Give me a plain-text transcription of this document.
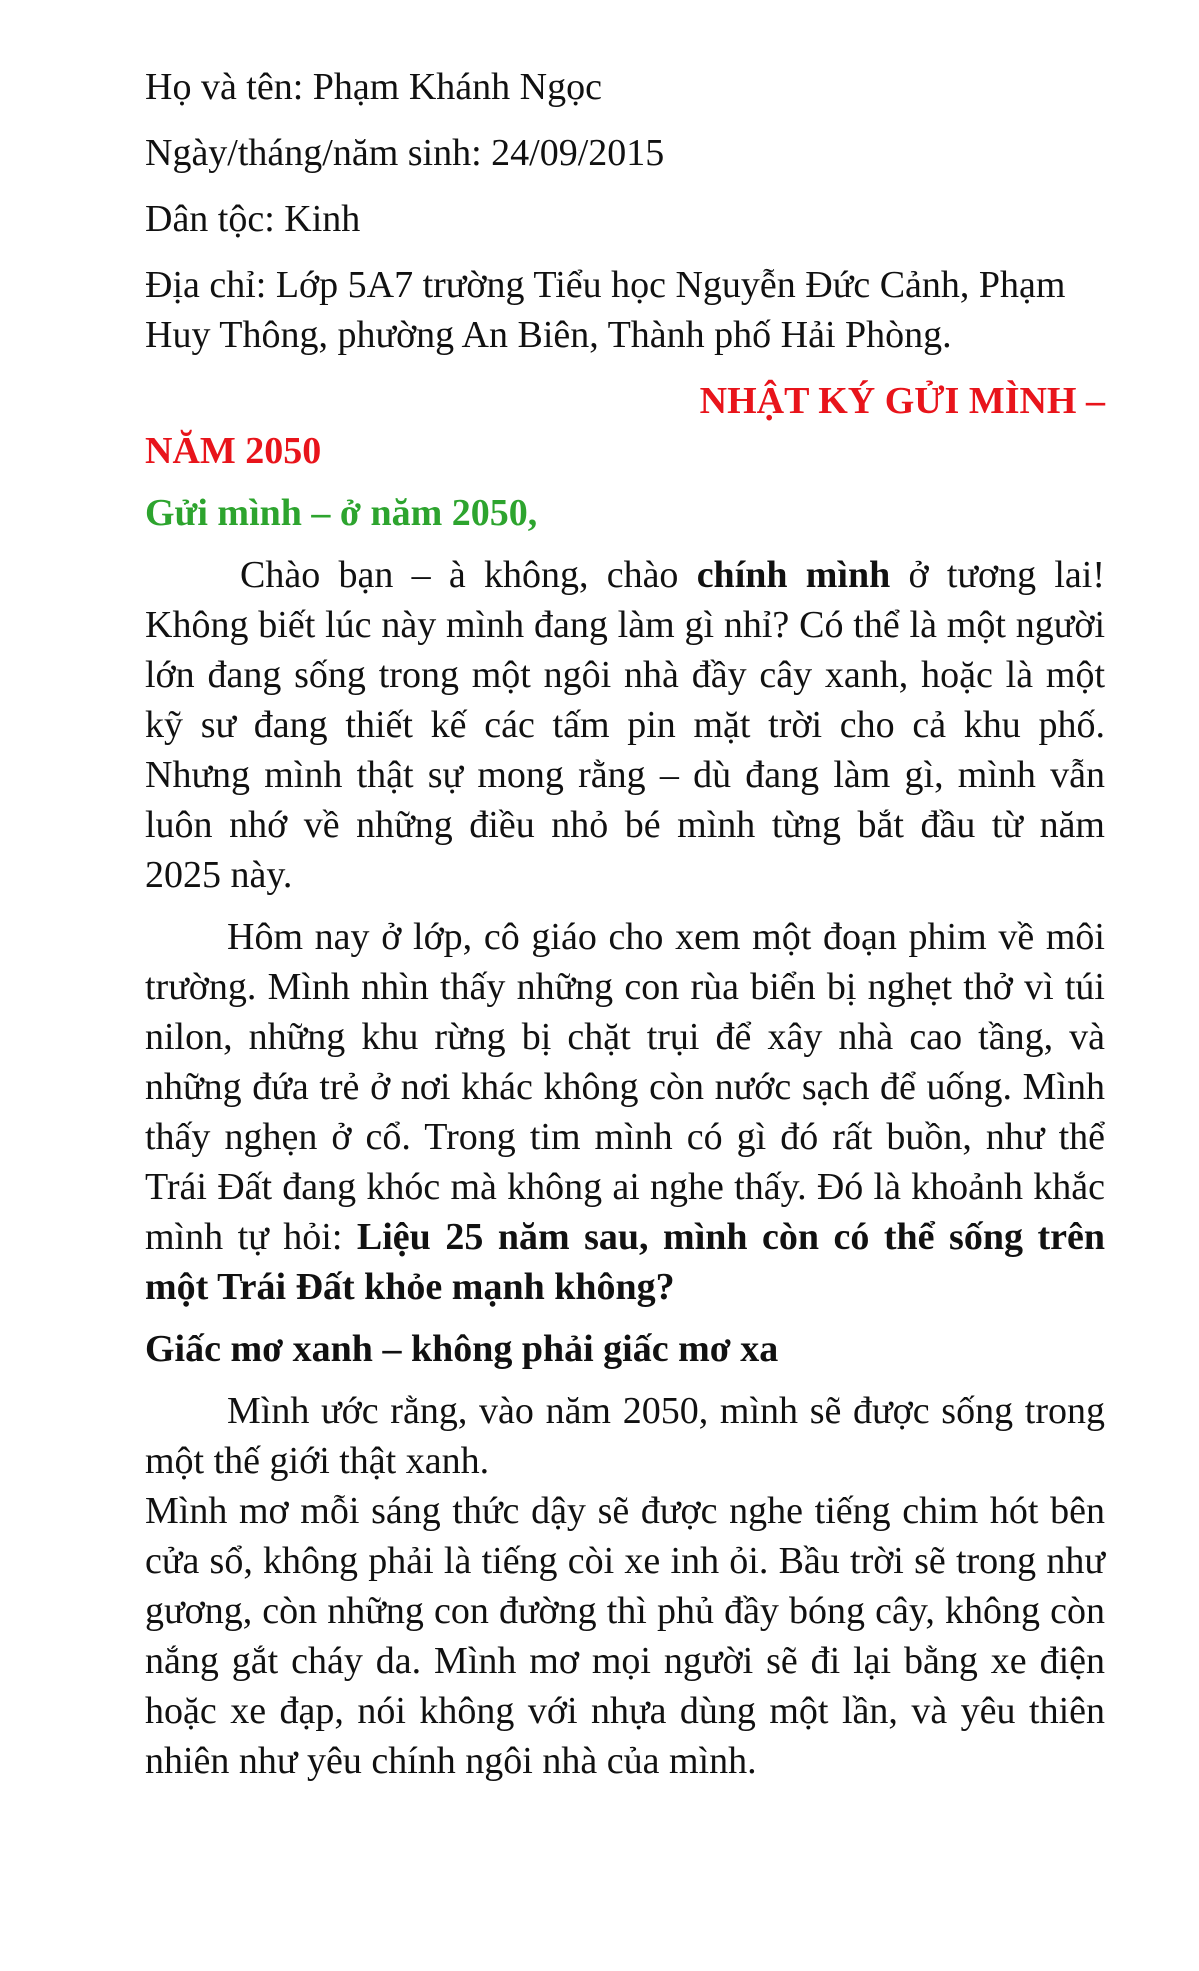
Họ và tên: Phạm Khánh Ngọc

Ngày/tháng/năm sinh: 24/09/2015

Dân tộc: Kinh

Địa chỉ: Lớp 5A7 trường Tiểu học Nguyễn Đức Cảnh, Phạm Huy Thông, phường An Biên, Thành phố Hải Phòng.

NHẬT KÝ GỬI MÌNH –

NĂM 2050

Gửi mình – ở năm 2050,

Chào bạn – à không, chào chính mình ở tương lai! Không biết lúc này mình đang làm gì nhỉ? Có thể là một người lớn đang sống trong một ngôi nhà đầy cây xanh, hoặc là một kỹ sư đang thiết kế các tấm pin mặt trời cho cả khu phố. Nhưng mình thật sự mong rằng – dù đang làm gì, mình vẫn luôn nhớ về những điều nhỏ bé mình từng bắt đầu từ năm 2025 này.

Hôm nay ở lớp, cô giáo cho xem một đoạn phim về môi trường. Mình nhìn thấy những con rùa biển bị nghẹt thở vì túi nilon, những khu rừng bị chặt trụi để xây nhà cao tầng, và những đứa trẻ ở nơi khác không còn nước sạch để uống. Mình thấy nghẹn ở cổ. Trong tim mình có gì đó rất buồn, như thể Trái Đất đang khóc mà không ai nghe thấy. Đó là khoảnh khắc mình tự hỏi: Liệu 25 năm sau, mình còn có thể sống trên một Trái Đất khỏe mạnh không?

Giấc mơ xanh – không phải giấc mơ xa

Mình ước rằng, vào năm 2050, mình sẽ được sống trong một thế giới thật xanh.

Mình mơ mỗi sáng thức dậy sẽ được nghe tiếng chim hót bên cửa sổ, không phải là tiếng còi xe inh ỏi. Bầu trời sẽ trong như gương, còn những con đường thì phủ đầy bóng cây, không còn nắng gắt cháy da. Mình mơ mọi người sẽ đi lại bằng xe điện hoặc xe đạp, nói không với nhựa dùng một lần, và yêu thiên nhiên như yêu chính ngôi nhà của mình.
